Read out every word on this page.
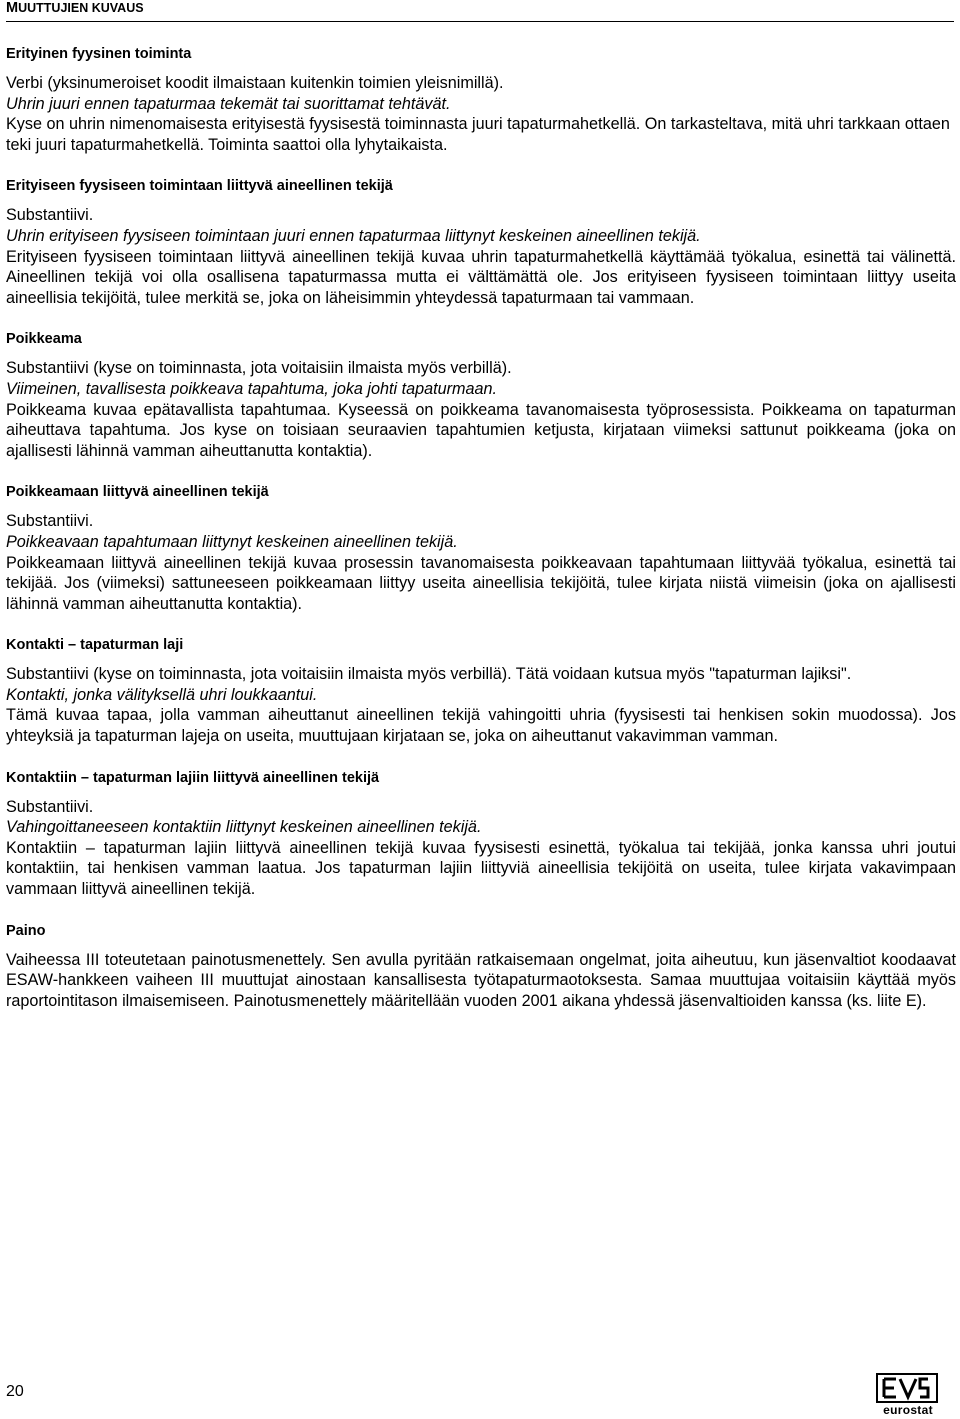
MUUTTUJIEN KUVAUS
Erityinen fyysinen toiminta

Verbi (yksinumeroiset koodit ilmaistaan kuitenkin toimien yleisnimillä).

Uhrin juuri ennen tapaturmaa tekemät tai suorittamat tehtävät.

Kyse on uhrin nimenomaisesta erityisestä fyysisestä toiminnasta juuri tapaturmahetkellä. On tarkasteltava, mitä uhri tarkkaan ottaen teki juuri tapaturmahetkellä. Toiminta saattoi olla lyhytaikaista.

Erityiseen fyysiseen toimintaan liittyvä aineellinen tekijä

Substantiivi.

Uhrin erityiseen fyysiseen toimintaan juuri ennen tapaturmaa liittynyt keskeinen aineellinen tekijä.

Erityiseen fyysiseen toimintaan liittyvä aineellinen tekijä kuvaa uhrin tapaturmahetkellä käyttämää työkalua, esinettä tai välinettä. Aineellinen tekijä voi olla osallisena tapaturmassa mutta ei välttämättä ole. Jos erityiseen fyysiseen toimintaan liittyy useita aineellisia tekijöitä, tulee merkitä se, joka on läheisimmin yhteydessä tapaturmaan tai vammaan.

Poikkeama

Substantiivi (kyse on toiminnasta, jota voitaisiin ilmaista myös verbillä).

Viimeinen, tavallisesta poikkeava tapahtuma, joka johti tapaturmaan.

Poikkeama kuvaa epätavallista tapahtumaa. Kyseessä on poikkeama tavanomaisesta työprosessista. Poikkeama on tapaturman aiheuttava tapahtuma. Jos kyse on toisiaan seuraavien tapahtumien ketjusta, kirjataan viimeksi sattunut poikkeama (joka on ajallisesti lähinnä vamman aiheuttanutta kontaktia).

Poikkeamaan liittyvä aineellinen tekijä

Substantiivi.

Poikkeavaan tapahtumaan liittynyt keskeinen aineellinen tekijä.

Poikkeamaan liittyvä aineellinen tekijä kuvaa prosessin tavanomaisesta poikkeavaan tapahtumaan liittyvää työkalua, esinettä tai tekijää. Jos (viimeksi) sattuneeseen poikkeamaan liittyy useita aineellisia tekijöitä, tulee kirjata niistä viimeisin (joka on ajallisesti lähinnä vamman aiheuttanutta kontaktia).

Kontakti – tapaturman laji

Substantiivi (kyse on toiminnasta, jota voitaisiin ilmaista myös verbillä). Tätä voidaan kutsua myös "tapaturman lajiksi".

Kontakti, jonka välityksellä uhri loukkaantui.

Tämä kuvaa tapaa, jolla vamman aiheuttanut aineellinen tekijä vahingoitti uhria (fyysisesti tai henkisen sokin muodossa). Jos yhteyksiä ja tapaturman lajeja on useita, muuttujaan kirjataan se, joka on aiheuttanut vakavimman vamman.

Kontaktiin – tapaturman lajiin liittyvä aineellinen tekijä

Substantiivi.

Vahingoittaneeseen kontaktiin liittynyt keskeinen aineellinen tekijä.

Kontaktiin – tapaturman lajiin liittyvä aineellinen tekijä kuvaa fyysisesti esinettä, työkalua tai tekijää, jonka kanssa uhri joutui kontaktiin, tai henkisen vamman laatua. Jos tapaturman lajiin liittyviä aineellisia tekijöitä on useita, tulee kirjata vakavimpaan vammaan liittyvä aineellinen tekijä.

Paino

Vaiheessa III toteutetaan painotusmenettely. Sen avulla pyritään ratkaisemaan ongelmat, joita aiheutuu, kun jäsenvaltiot koodaavat ESAW-hankkeen vaiheen III muuttujat ainostaan kansallisesta työtapaturmaotoksesta. Samaa muuttujaa voitaisiin käyttää myös raportointitason ilmaisemiseen. Painotusmenettely määritellään vuoden 2001 aikana yhdessä jäsenvaltioiden kanssa (ks. liite E).

20
eurostat
